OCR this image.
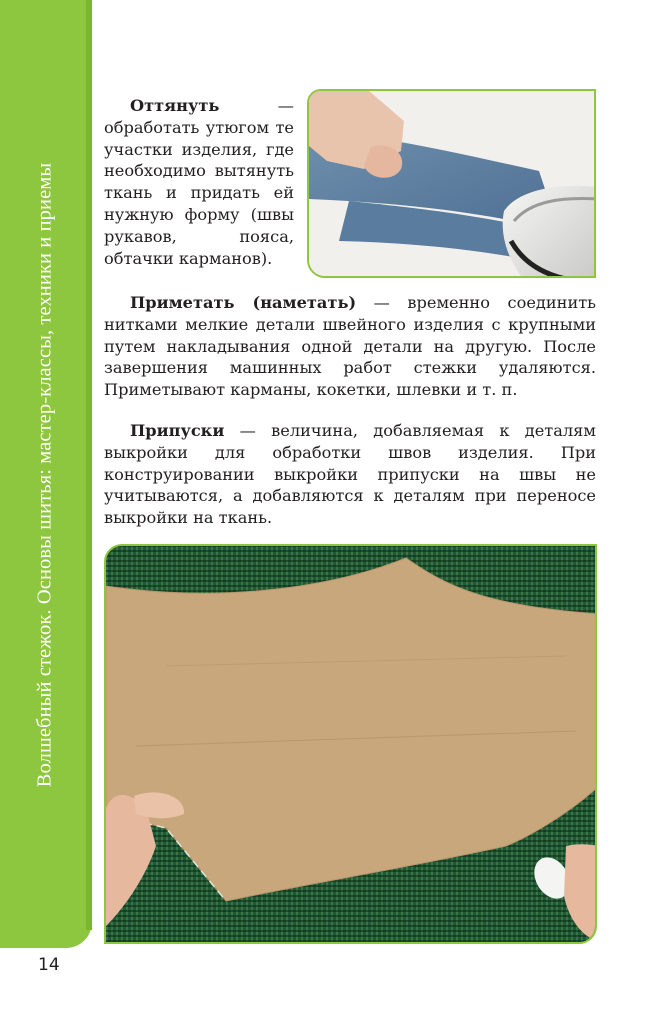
Волшебный стежок. Основы шитья: мастер-классы, техники и приемы

Оттянуть — обработать утюгом те участки изделия, где необходимо вытянуть ткань и придать ей нужную форму (швы рукавов, пояса, обтачки карманов).

Приметать (наметать) — временно соединить нитками мелкие детали швейного изделия с крупными путем накладывания одной детали на другую. После завершения машинных работ стежки удаляются. Приметывают карманы, кокетки, шлевки и т. п.

Припуски — величина, добавляемая к деталям выкройки для обработки швов изделия. При конструировании выкройки припуски на швы не учитываются, а добавляются к деталям при переносе выкройки на ткань.

14
